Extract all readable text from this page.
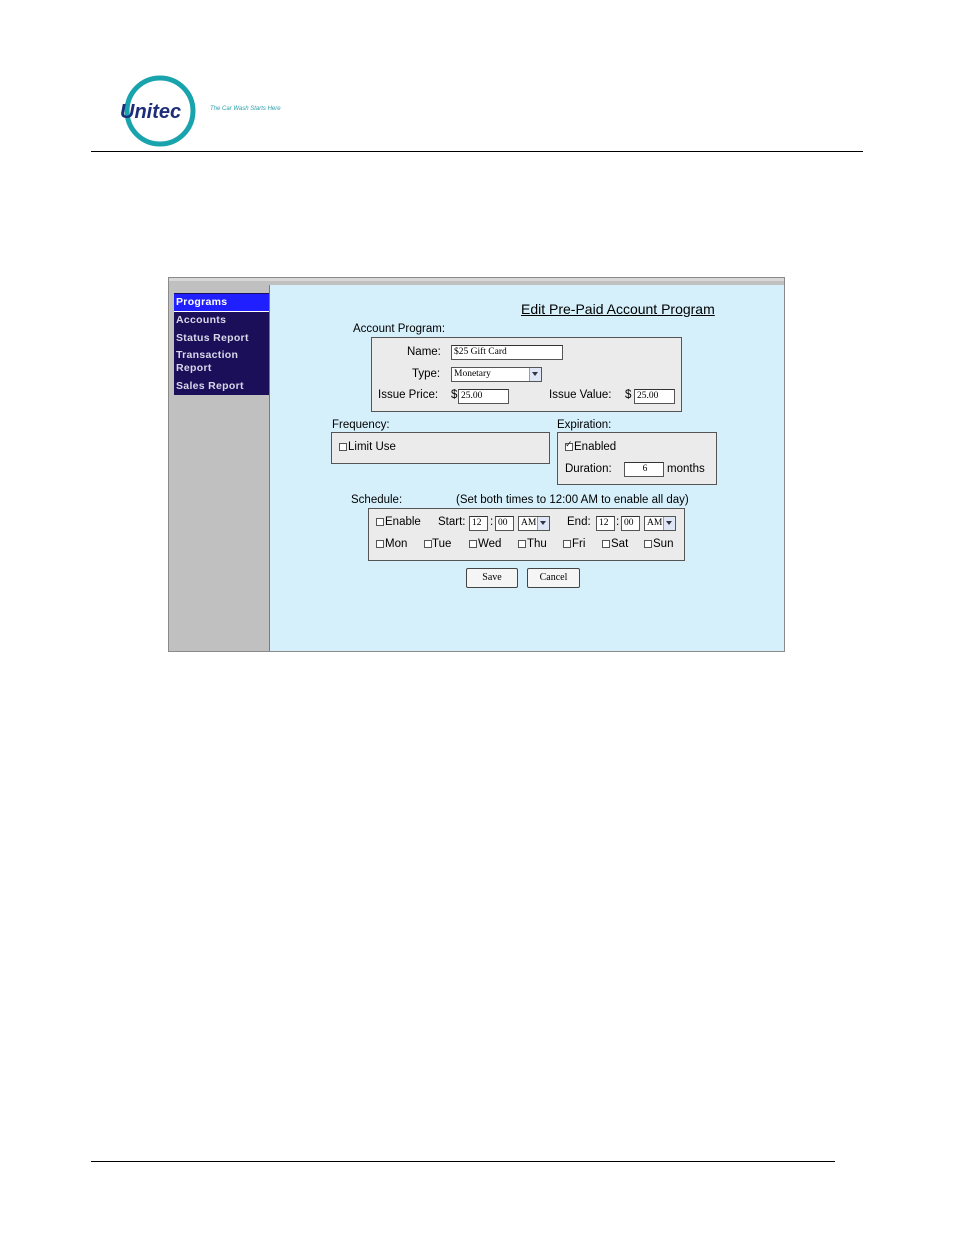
Unitec	The Car Wash Starts Here
Programs
Accounts
Status Report
Transaction Report
Sales Report
Edit Pre-Paid Account Program
Account Program:
Name:	$25 Gift Card
Type:	Monetary
Issue Price: $ 25.00	Issue Value: $ 25.00
Frequency:
Limit Use
Expiration:
✓
Enabled
Duration:	6	months
Schedule:	(Set both times to 12:00 AM to enable all day)
Enable Start: 12 : 00	AM	End: 12 : 00	AM
Mon Tue Wed Thu Fri Sat Sun
Save	Cancel
